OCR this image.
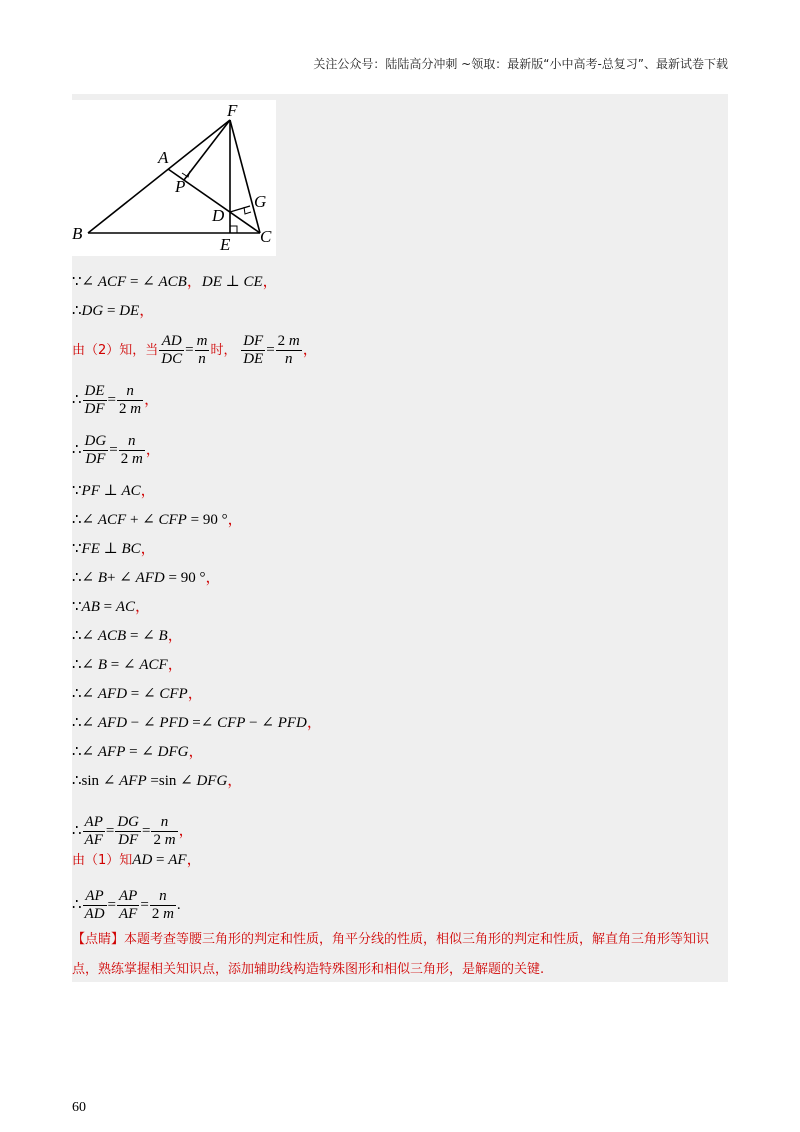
关注公众号：陆陆高分冲刺 ~领取：最新版“小中高考-总复习”、最新试卷下载
F
A
P
D
G
B
E C
∵∠ ACF = ∠ ACB，DE ⊥ CE，
∴DG = DE，
由（2）知，当 $\frac{AD}{DC} = \frac{m}{n}$ 时， $\frac{DF}{DE} = \frac{2 m}{n}$ ，
∴ $\frac{DE}{DF} = \frac{n}{2 m}$ ，
∴ $\frac{DG}{DF} = \frac{n}{2 m}$ ，
∵PF ⊥ AC，
∴∠ ACF + ∠ CFP = 90 °，
∵FE ⊥ BC，
∴∠ B+ ∠ AFD = 90 °，
∵AB = AC，
∴∠ ACB = ∠ B，
∴∠ B = ∠ ACF，
∴∠ AFD = ∠ CFP，
∴∠ AFD − ∠ PFD =∠ CFP − ∠ PFD，
∴∠ AFP = ∠ DFG，
∴sin ∠ AFP =sin ∠ DFG，
∴ $\frac{AP}{AF} = \frac{DG}{DF} = \frac{n}{2 m}$ ，
由（1）知AD = AF，
∴ $\frac{AP}{AD} = \frac{AP}{AF} = \frac{n}{2 m}$ .
【点睛】本题考查等腰三角形的判定和性质，角平分线的性质，相似三角形的判定和性质，解直角三角形等知识点，熟练掌握相关知识点，添加辅助线构造特殊图形和相似三角形，是解题的关键.
60
